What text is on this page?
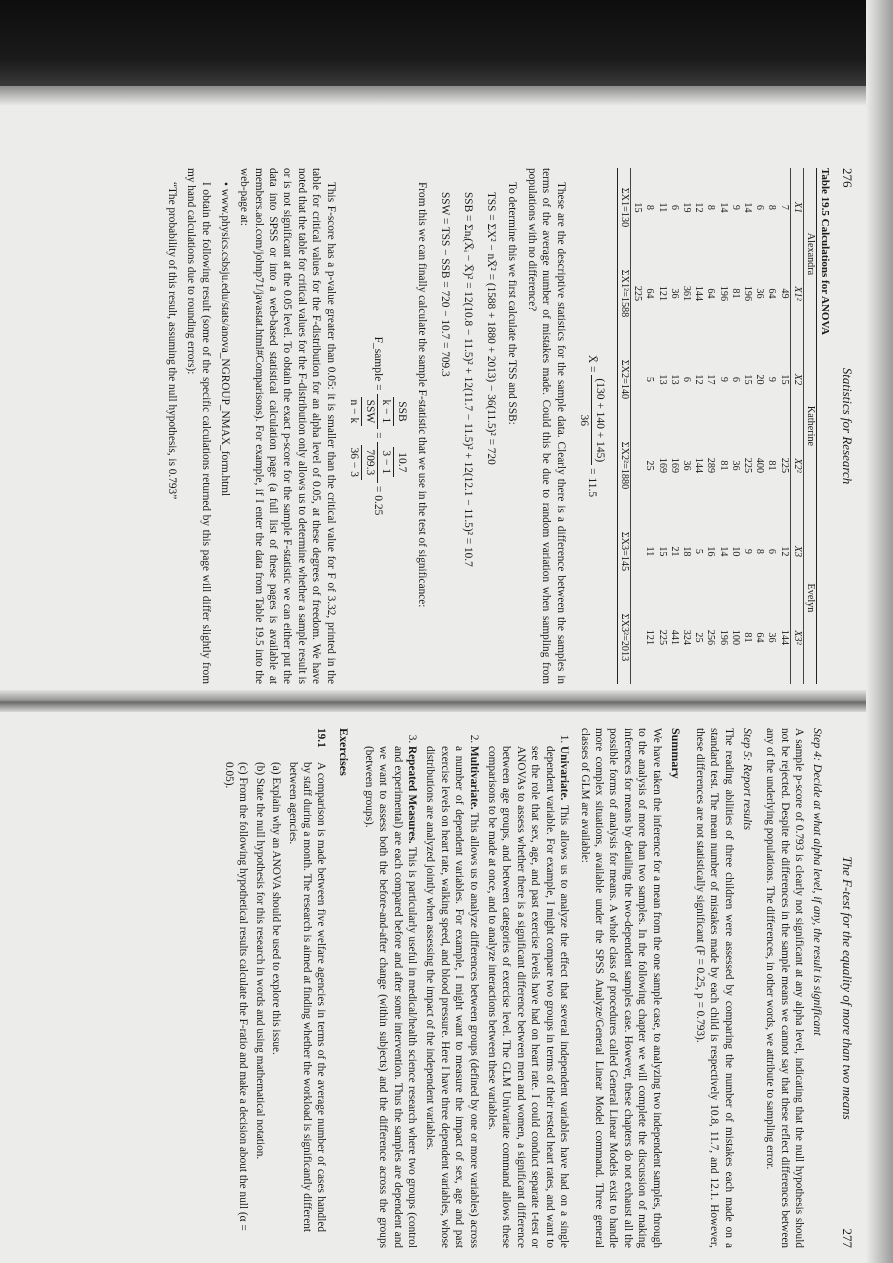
276
Statistics for Research
Table 19.5 Calculations for ANOVA
Alexandra		Katherine		Evelyn	
X1	X1²	X2	X2²	X3	X3²
7	49	15	225	12	144
8	64	9	81	6	36
6	36	20	400	8	64
14	196	15	225	9	81
9	81	6	36	10	100
14	196	9	81	14	196
8	64	17	289	16	256
12	144	12	144	5	25
19	361	6	36	18	324
6	36	13	169	21	441
11	121	13	169	15	225
8	64	5	25	11	121
15	225				
ΣX1=130	ΣX1²=1588	ΣX2=140	ΣX2²=1880	ΣX3=145	ΣX3²=2013
X̄ =
(130 + 140 + 145)
36
= 11.5

These are the descriptive statistics for the sample data. Clearly there is a difference between the samples in terms of the average number of mistakes made. Could this be due to random variation when sampling from populations with no difference?

To determine this we first calculate the TSS and SSB:

TSS = ΣX² − nX̄² = (1588 + 1880 + 2013) − 36(11.5)² = 720
SSB = Σnᵢ(X̄ᵢ − X̄)² = 12(10.8 − 11.5)² + 12(11.7 − 11.5)² + 12(12.1 − 11.5)² = 10.7
SSW = TSS − SSB = 720 − 10.7 = 709.3

From this we can finally calculate the sample F-statistic that we use in the test of significance:

F_sample =
SSB
k − 1
SSW
n − k
=
10.7
3 − 1
709.3
36 − 3
= 0.25

This F-score has a p-value greater than 0.05: it is smaller than the critical value for F of 3.32, printed in the table for critical values for the F-distribution for an alpha level of 0.05, at these degrees of freedom. We have noted that the table for critical values for the F-distribution only allows us to determine whether a sample result is or is not significant at the 0.05 level. To obtain the exact p-score for the sample F-statistic we can either put the data into SPSS or into a web-based statistical calculation page (a full list of these pages is available at members.aol.com/johnp71/javastat.html#Comparisons). For example, if I enter the data from Table 19.5 into the web-page at:

• www.physics.csbsju.edu/stats/anova_NGROUP_NMAX_form.html

I obtain the following result (some of the specific calculations returned by this page will differ slightly from my hand calculations due to rounding errors):

“The probability of this result, assuming the null hypothesis, is 0.793”
The F-test for the equality of more than two means
277
Step 4: Decide at what alpha level, if any, the result is significant

A sample p-score of 0.793 is clearly not significant at any alpha level, indicating that the null hypothesis should not be rejected. Despite the differences in the sample means we cannot say that these reflect differences between any of the underlying populations. The differences, in other words, we attribute to sampling error.

Step 5: Report results

The reading abilities of three children were assessed by comparing the number of mistakes each made on a standard test. The mean number of mistakes made by each child is respectively 10.8, 11.7, and 12.1. However, these differences are not statistically significant (F = 0.25, p = 0.793).

Summary

We have taken the inference for a mean from the one sample case, to analyzing two independent samples, through to the analysis of more than two samples. In the following chapter we will complete the discussion of making inferences for means by detailing the two-dependent samples case. However, these chapters do not exhaust all the possible forms of analysis for means. A whole class of procedures called General Linear Models exist to handle more complex situations, available under the SPSS Analyze/General Linear Model command. Three general classes of GLM are available:

1. Univariate. This allows us to analyze the effect that several independent variables have had on a single dependent variable. For example, I might compare two groups in terms of their rested heart rates, and want to see the role that sex, age, and past exercise levels have had on heart rate. I could conduct separate t-test or ANOVAs to assess whether there is a significant difference between men and women, a significant difference between age groups, and between categories of exercise level. The GLM Univariate command allows these comparisons to be made at once, and to analyze interactions between these variables.
2. Multivariate. This allows us to analyze differences between groups (defined by one or more variables) across a number of dependent variables. For example, I might want to measure the impact of sex, age and past exercise levels on heart rate, walking speed, and blood pressure. Here I have three dependent variables, whose distributions are analyzed jointly when assessing the impact of the independent variables.
3. Repeated Measures. This is particularly useful in medical/health science research where two groups (control and experimental) are each compared before and after some intervention. Thus the samples are dependent and we want to assess both the before-and-after change (within subjects) and the difference across the groups (between groups).
Exercises
19.1A comparison is made between five welfare agencies in terms of the average number of cases handled by staff during a month. The research is aimed at finding whether the workload is significantly different between agencies.
(a) Explain why an ANOVA should be used to explore this issue.
(b) State the null hypothesis for this research in words and using mathematical notation.
(c) From the following hypothetical results calculate the F-ratio and make a decision about the null (α = 0.05).
